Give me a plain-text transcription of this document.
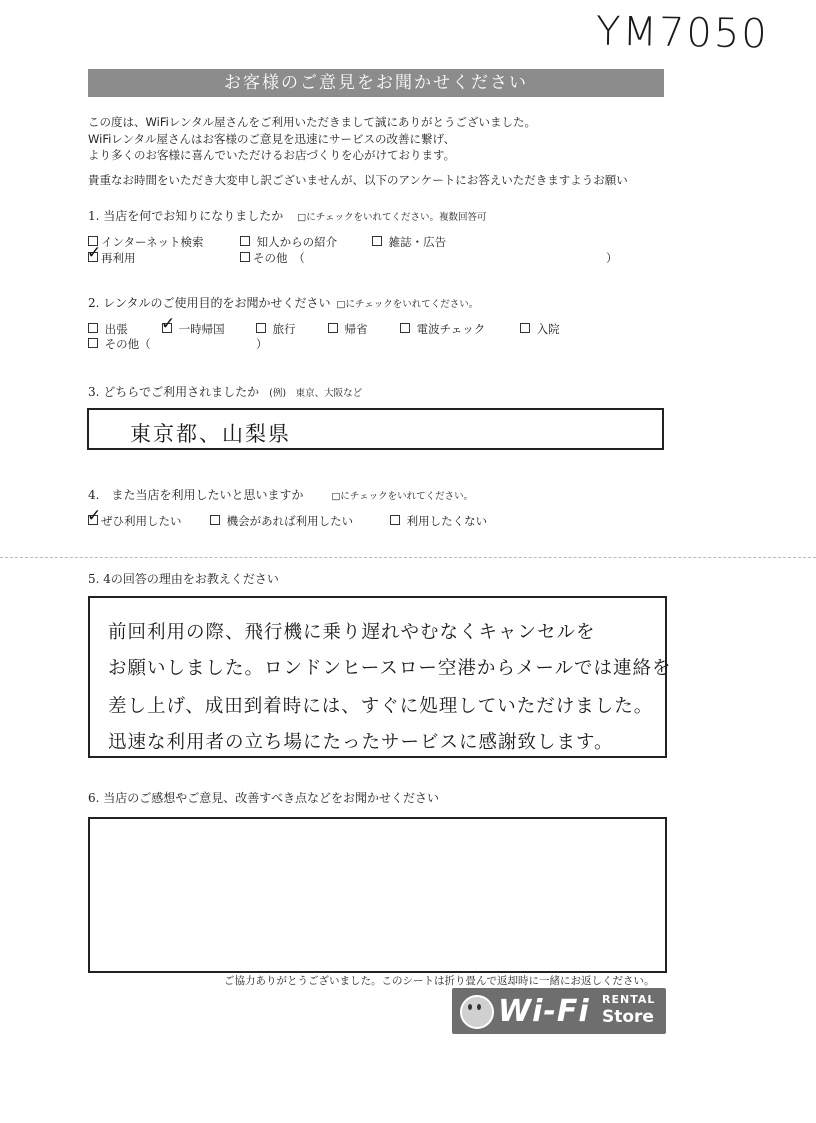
YM7050
お客様のご意見をお聞かせください
この度は、WiFiレンタル屋さんをご利用いただきまして誠にありがとうございました。
WiFiレンタル屋さんはお客様のご意見を迅速にサービスの改善に繋げ、
より多くのお客様に喜んでいただけるお店づくりを心がけております。
貴重なお時間をいただき大変申し訳ございませんが、以下のアンケートにお答えいただきますようお願い
1. 当店を何でお知りになりましたか □にチェックをいれてください。複数回答可
インターネット検索	知人からの紹介	雑誌・広告
✓再利用	その他　（	）
2. レンタルのご使用目的をお聞かせください □にチェックをいれてください。
出張
✓	一時帰国	旅行	帰省	電波チェック	入院
その他（	）
3. どちらでご利用されましたか (例)　東京、大阪など
東京都、山梨県
4.　また当店を利用したいと思いますか	□にチェックをいれてください。
✓ぜひ利用したい	機会があれば利用したい	利用したくない
5. 4の回答の理由をお教えください
前回利用の際、飛行機に乗り遅れやむなくキャンセルを
お願いしました。ロンドンヒースロー空港からメールでは連絡を
差し上げ、成田到着時には、すぐに処理していただけました。
迅速な利用者の立ち場にたったサービスに感謝致します。
6. 当店のご感想やご意見、改善すべき点などをお聞かせください
ご協力ありがとうございました。このシートは折り畳んで返却時に一緒にお返しください。
Wi-Fi RENTAL
Store
